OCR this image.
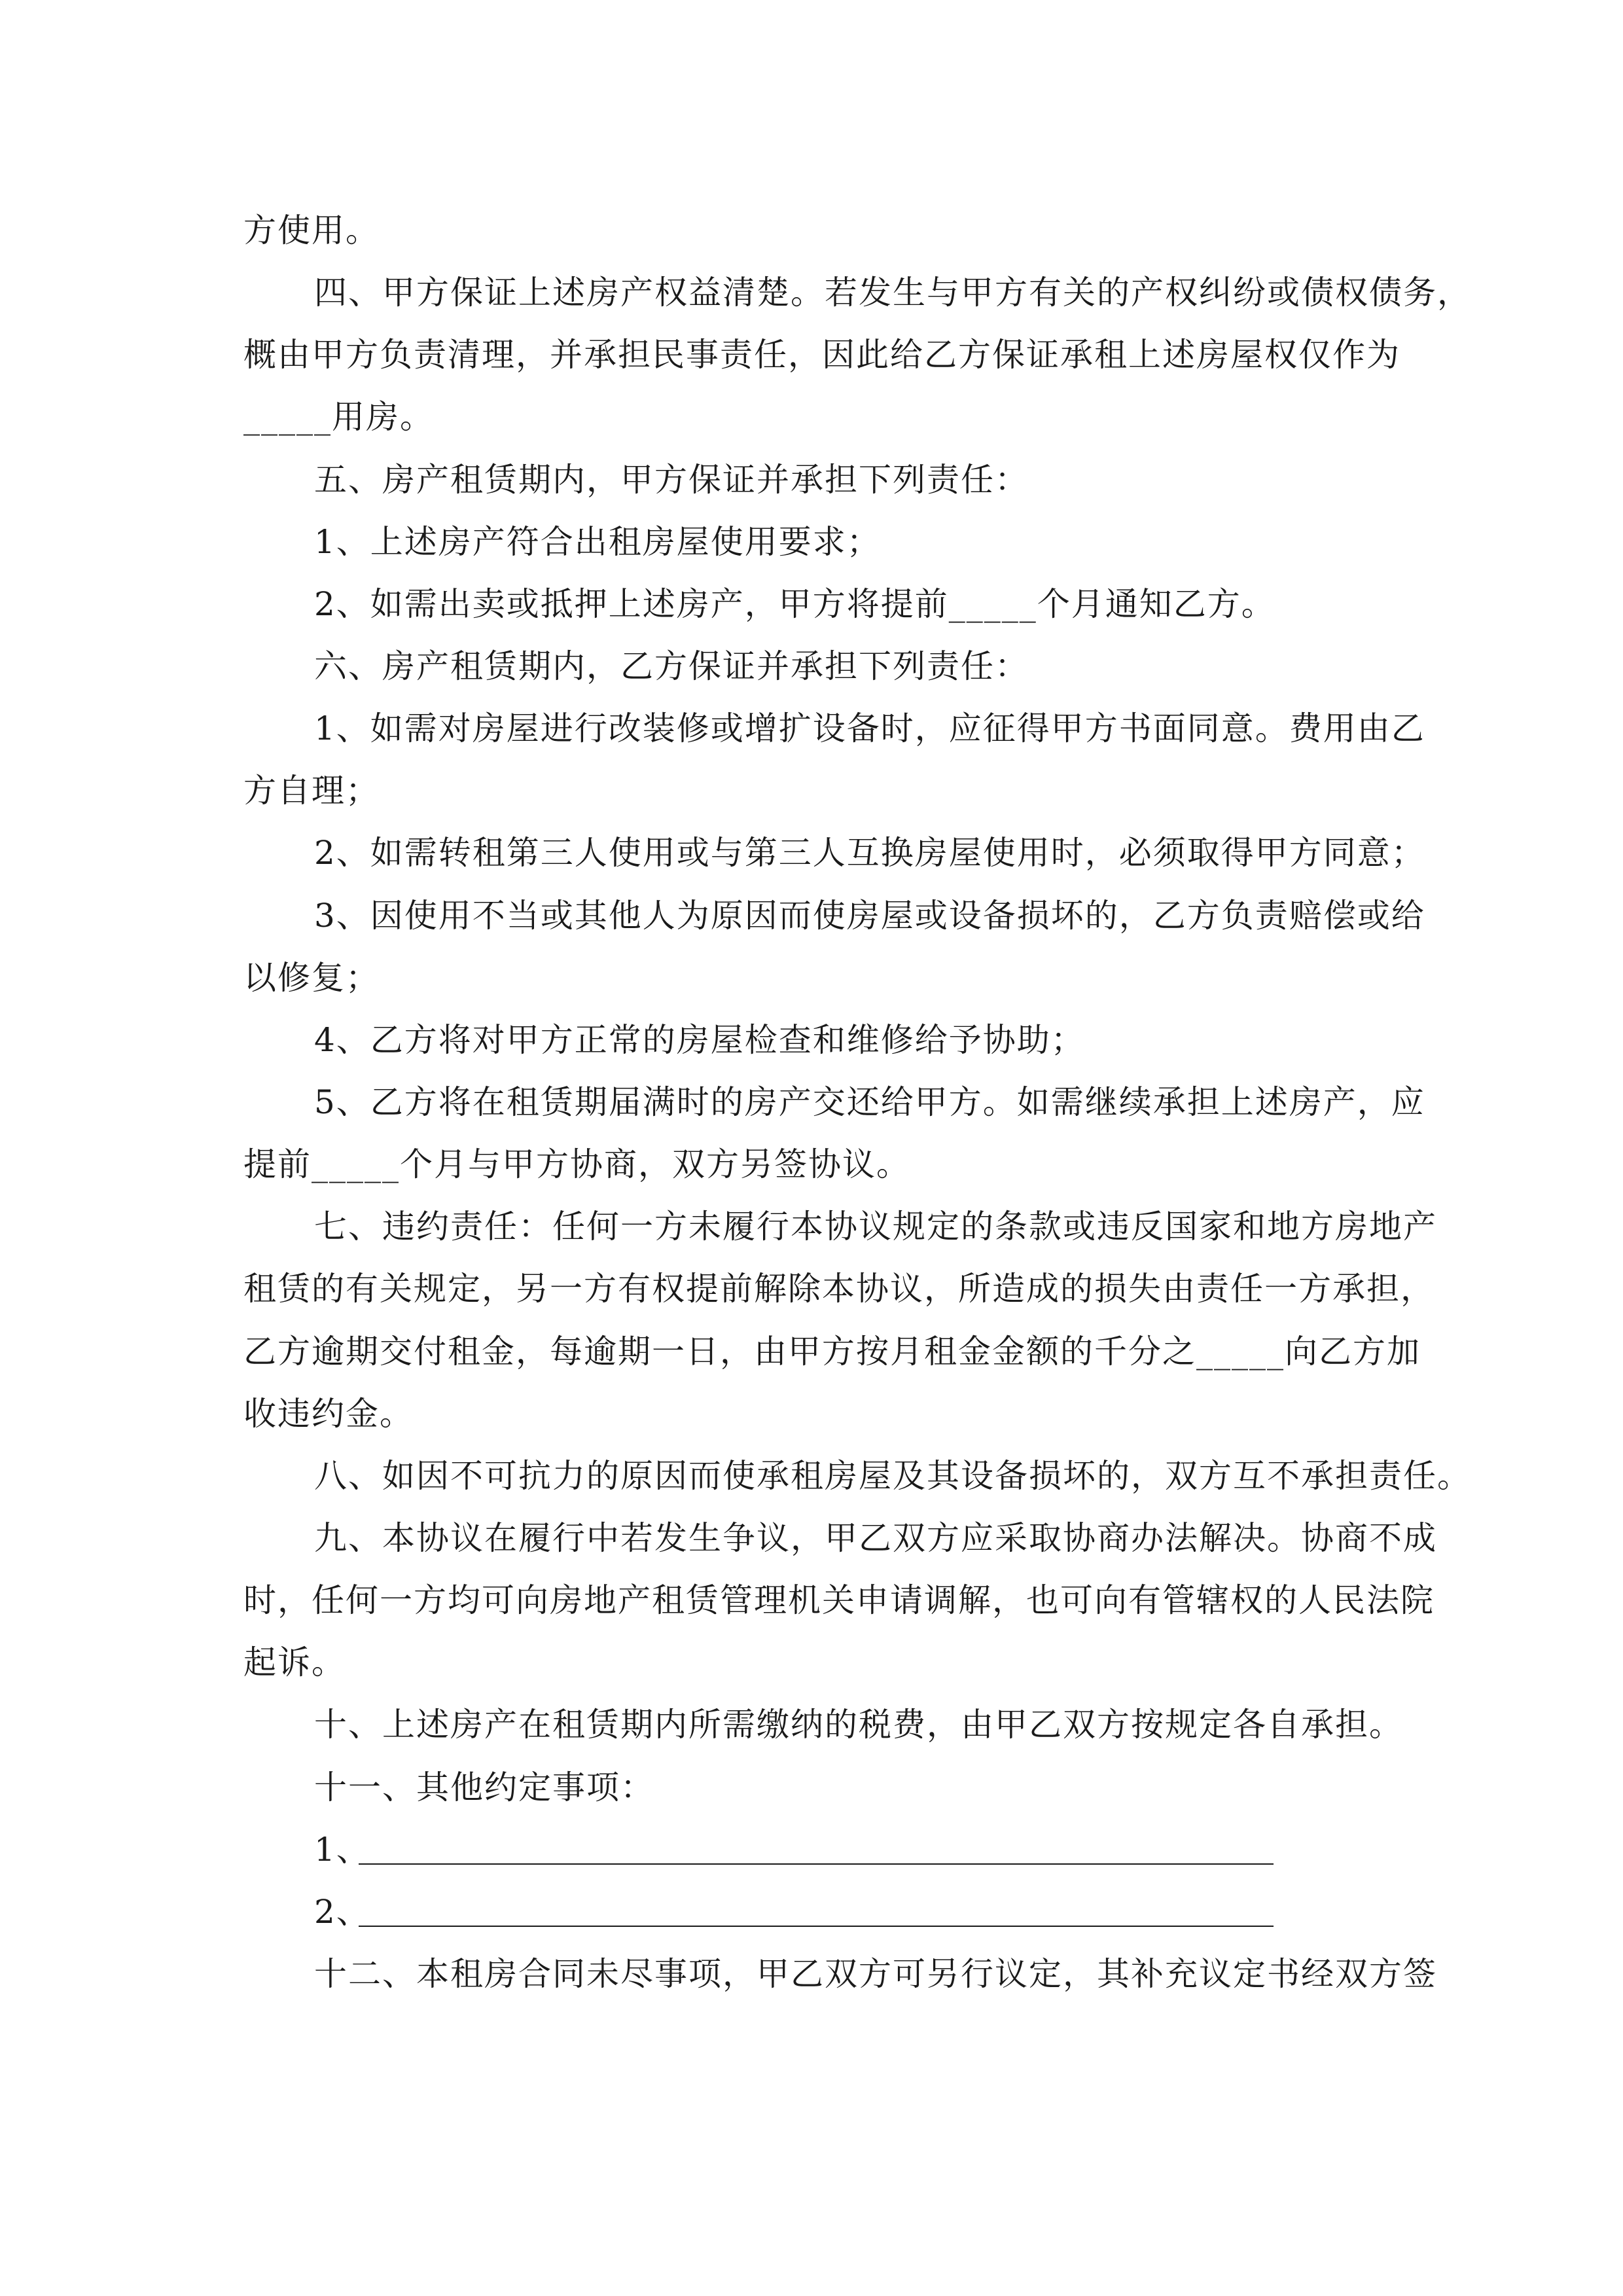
方使用。
四、甲方保证上述房产权益清楚。若发生与甲方有关的产权纠纷或债权债务，
概由甲方负责清理，并承担民事责任，因此给乙方保证承租上述房屋权仅作为
_____用房。
五、房产租赁期内，甲方保证并承担下列责任：
1、上述房产符合出租房屋使用要求；
2、如需出卖或抵押上述房产，甲方将提前_____个月通知乙方。
六、房产租赁期内，乙方保证并承担下列责任：
1、如需对房屋进行改装修或增扩设备时，应征得甲方书面同意。费用由乙
方自理；
2、如需转租第三人使用或与第三人互换房屋使用时，必须取得甲方同意；
3、因使用不当或其他人为原因而使房屋或设备损坏的，乙方负责赔偿或给
以修复；
4、乙方将对甲方正常的房屋检查和维修给予协助；
5、乙方将在租赁期届满时的房产交还给甲方。如需继续承担上述房产，应
提前_____个月与甲方协商，双方另签协议。
七、违约责任：任何一方未履行本协议规定的条款或违反国家和地方房地产
租赁的有关规定，另一方有权提前解除本协议，所造成的损失由责任一方承担，
乙方逾期交付租金，每逾期一日，由甲方按月租金金额的千分之_____向乙方加
收违约金。
八、如因不可抗力的原因而使承租房屋及其设备损坏的，双方互不承担责任。
九、本协议在履行中若发生争议，甲乙双方应采取协商办法解决。协商不成
时，任何一方均可向房地产租赁管理机关申请调解，也可向有管辖权的人民法院
起诉。
十、上述房产在租赁期内所需缴纳的税费，由甲乙双方按规定各自承担。
十一、其他约定事项：
1、
2、
十二、本租房合同未尽事项，甲乙双方可另行议定，其补充议定书经双方签
